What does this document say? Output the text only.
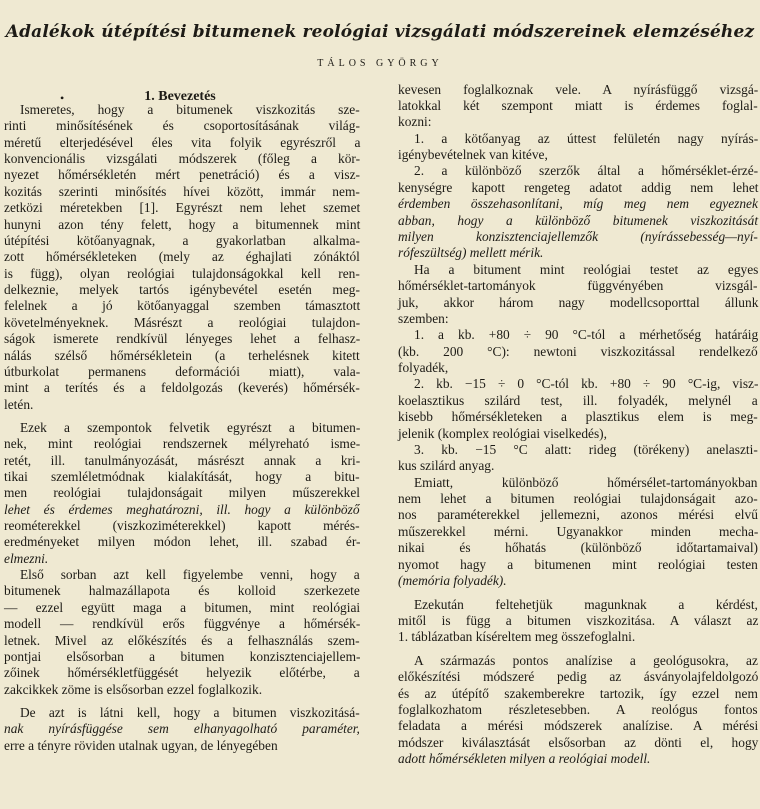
Adalékok útépítési bitumenek reológiai vizsgálati módszereinek elemzéséhez
TÁLOS GYÖRGY
•	1. Bevezetés
Ismeretes, hogy a bitumenek viszkozitás sze-
rinti minősítésének és csoportosításának világ-
méretű elterjedésével éles vita folyik egyrészről a
konvencionális vizsgálati módszerek (főleg a kör-
nyezet hőmérsékletén mért penetráció) és a visz-
kozitás szerinti minősítés hívei között, immár nem-
zetközi méretekben [1]. Egyrészt nem lehet szemet
hunyni azon tény felett, hogy a bitumennek mint
útépítési kötőanyagnak, a gyakorlatban alkalma-
zott hőmérsékleteken (mely az éghajlati zónáktól
is függ), olyan reológiai tulajdonságokkal kell ren-
delkeznie, melyek tartós igénybevétel esetén meg-
felelnek a jó kötőanyaggal szemben támasztott
követelményeknek. Másrészt a reológiai tulajdon-
ságok ismerete rendkívül lényeges lehet a felhasz-
nálás szélső hőmérsékletein (a terhelésnek kitett
útburkolat permanens deformációi miatt), vala-
mint a terítés és a feldolgozás (keverés) hőmérsék-
letén.
Ezek a szempontok felvetik egyrészt a bitumen-
nek, mint reológiai rendszernek mélyreható isme-
retét, ill. tanulmányozását, másrészt annak a kri-
tikai szemléletmódnak kialakítását, hogy a bitu-
men reológiai tulajdonságait milyen műszerekkel
lehet és érdemes meghatározni, ill. hogy a különböző
reométerekkel (viszkoziméterekkel) kapott mérés-
eredményeket milyen módon lehet, ill. szabad ér-
elmezni.
Első sorban azt kell figyelembe venni, hogy a
bitumenek halmazállapota és kolloid szerkezete
— ezzel együtt maga a bitumen, mint reológiai
modell — rendkívül erős függvénye a hőmérsék-
letnek. Mivel az előkészítés és a felhasználás szem-
pontjai elsősorban a bitumen konzisztenciajellem-
zőinek hőmérsékletfüggését helyezik előtérbe, a
zakcikkek zöme is elsősorban ezzel foglalkozik.
De azt is látni kell, hogy a bitumen viszkozitásá-
nak nyírásfüggése sem elhanyagolható paraméter,
erre a tényre röviden utalnak ugyan, de lényegében
kevesen foglalkoznak vele. A nyírásfüggő vizsgá-
latokkal két szempont miatt is érdemes foglal-
kozni:
1. a kötőanyag az úttest felületén nagy nyírás-
igénybevételnek van kitéve,
2. a különböző szerzők által a hőmérséklet-érzé-
kenységre kapott rengeteg adatot addig nem lehet
érdemben összehasonlítani, míg meg nem egyeznek
abban, hogy a különböző bitumenek viszkozitását
milyen konzisztenciajellemzők (nyírássebesség—nyí-
rófeszültség) mellett mérik.
Ha a bitument mint reológiai testet az egyes
hőmérséklet-tartományok függvényében vizsgál-
juk, akkor három nagy modellcsoporttal állunk
szemben:
1. a kb. +80 ÷ 90 °C-tól a mérhetőség határáig
(kb. 200 °C): newtoni viszkozitással rendelkező
folyadék,
2. kb. −15 ÷ 0 °C-tól kb. +80 ÷ 90 °C-ig, visz-
koelasztikus szilárd test, ill. folyadék, melynél a
kisebb hőmérsékleteken a plasztikus elem is meg-
jelenik (komplex reológiai viselkedés),
3. kb. −15 °C alatt: rideg (törékeny) anelaszti-
kus szilárd anyag.
Emiatt, különböző hőmérsélet-tartományokban
nem lehet a bitumen reológiai tulajdonságait azo-
nos paraméterekkel jellemezni, azonos mérési elvű
műszerekkel mérni. Ugyanakkor minden mecha-
nikai és hőhatás (különböző időtartamaival)
nyomot hagy a bitumenen mint reológiai testen
(memória folyadék).
Ezekután feltehetjük magunknak a kérdést,
mitől is függ a bitumen viszkozitása. A választ az
1. táblázatban kíséreltem meg összefoglalni.
A származás pontos analízise a geológusokra, az
előkészítési módszeré pedig az ásványolajfeldolgozó
és az útépítő szakemberekre tartozik, így ezzel nem
foglalkozhatom részletesebben. A reológus fontos
feladata a mérési módszerek analízise. A mérési
módszer kiválasztását elsősorban az dönti el, hogy
adott hőmérsékleten milyen a reológiai modell.
